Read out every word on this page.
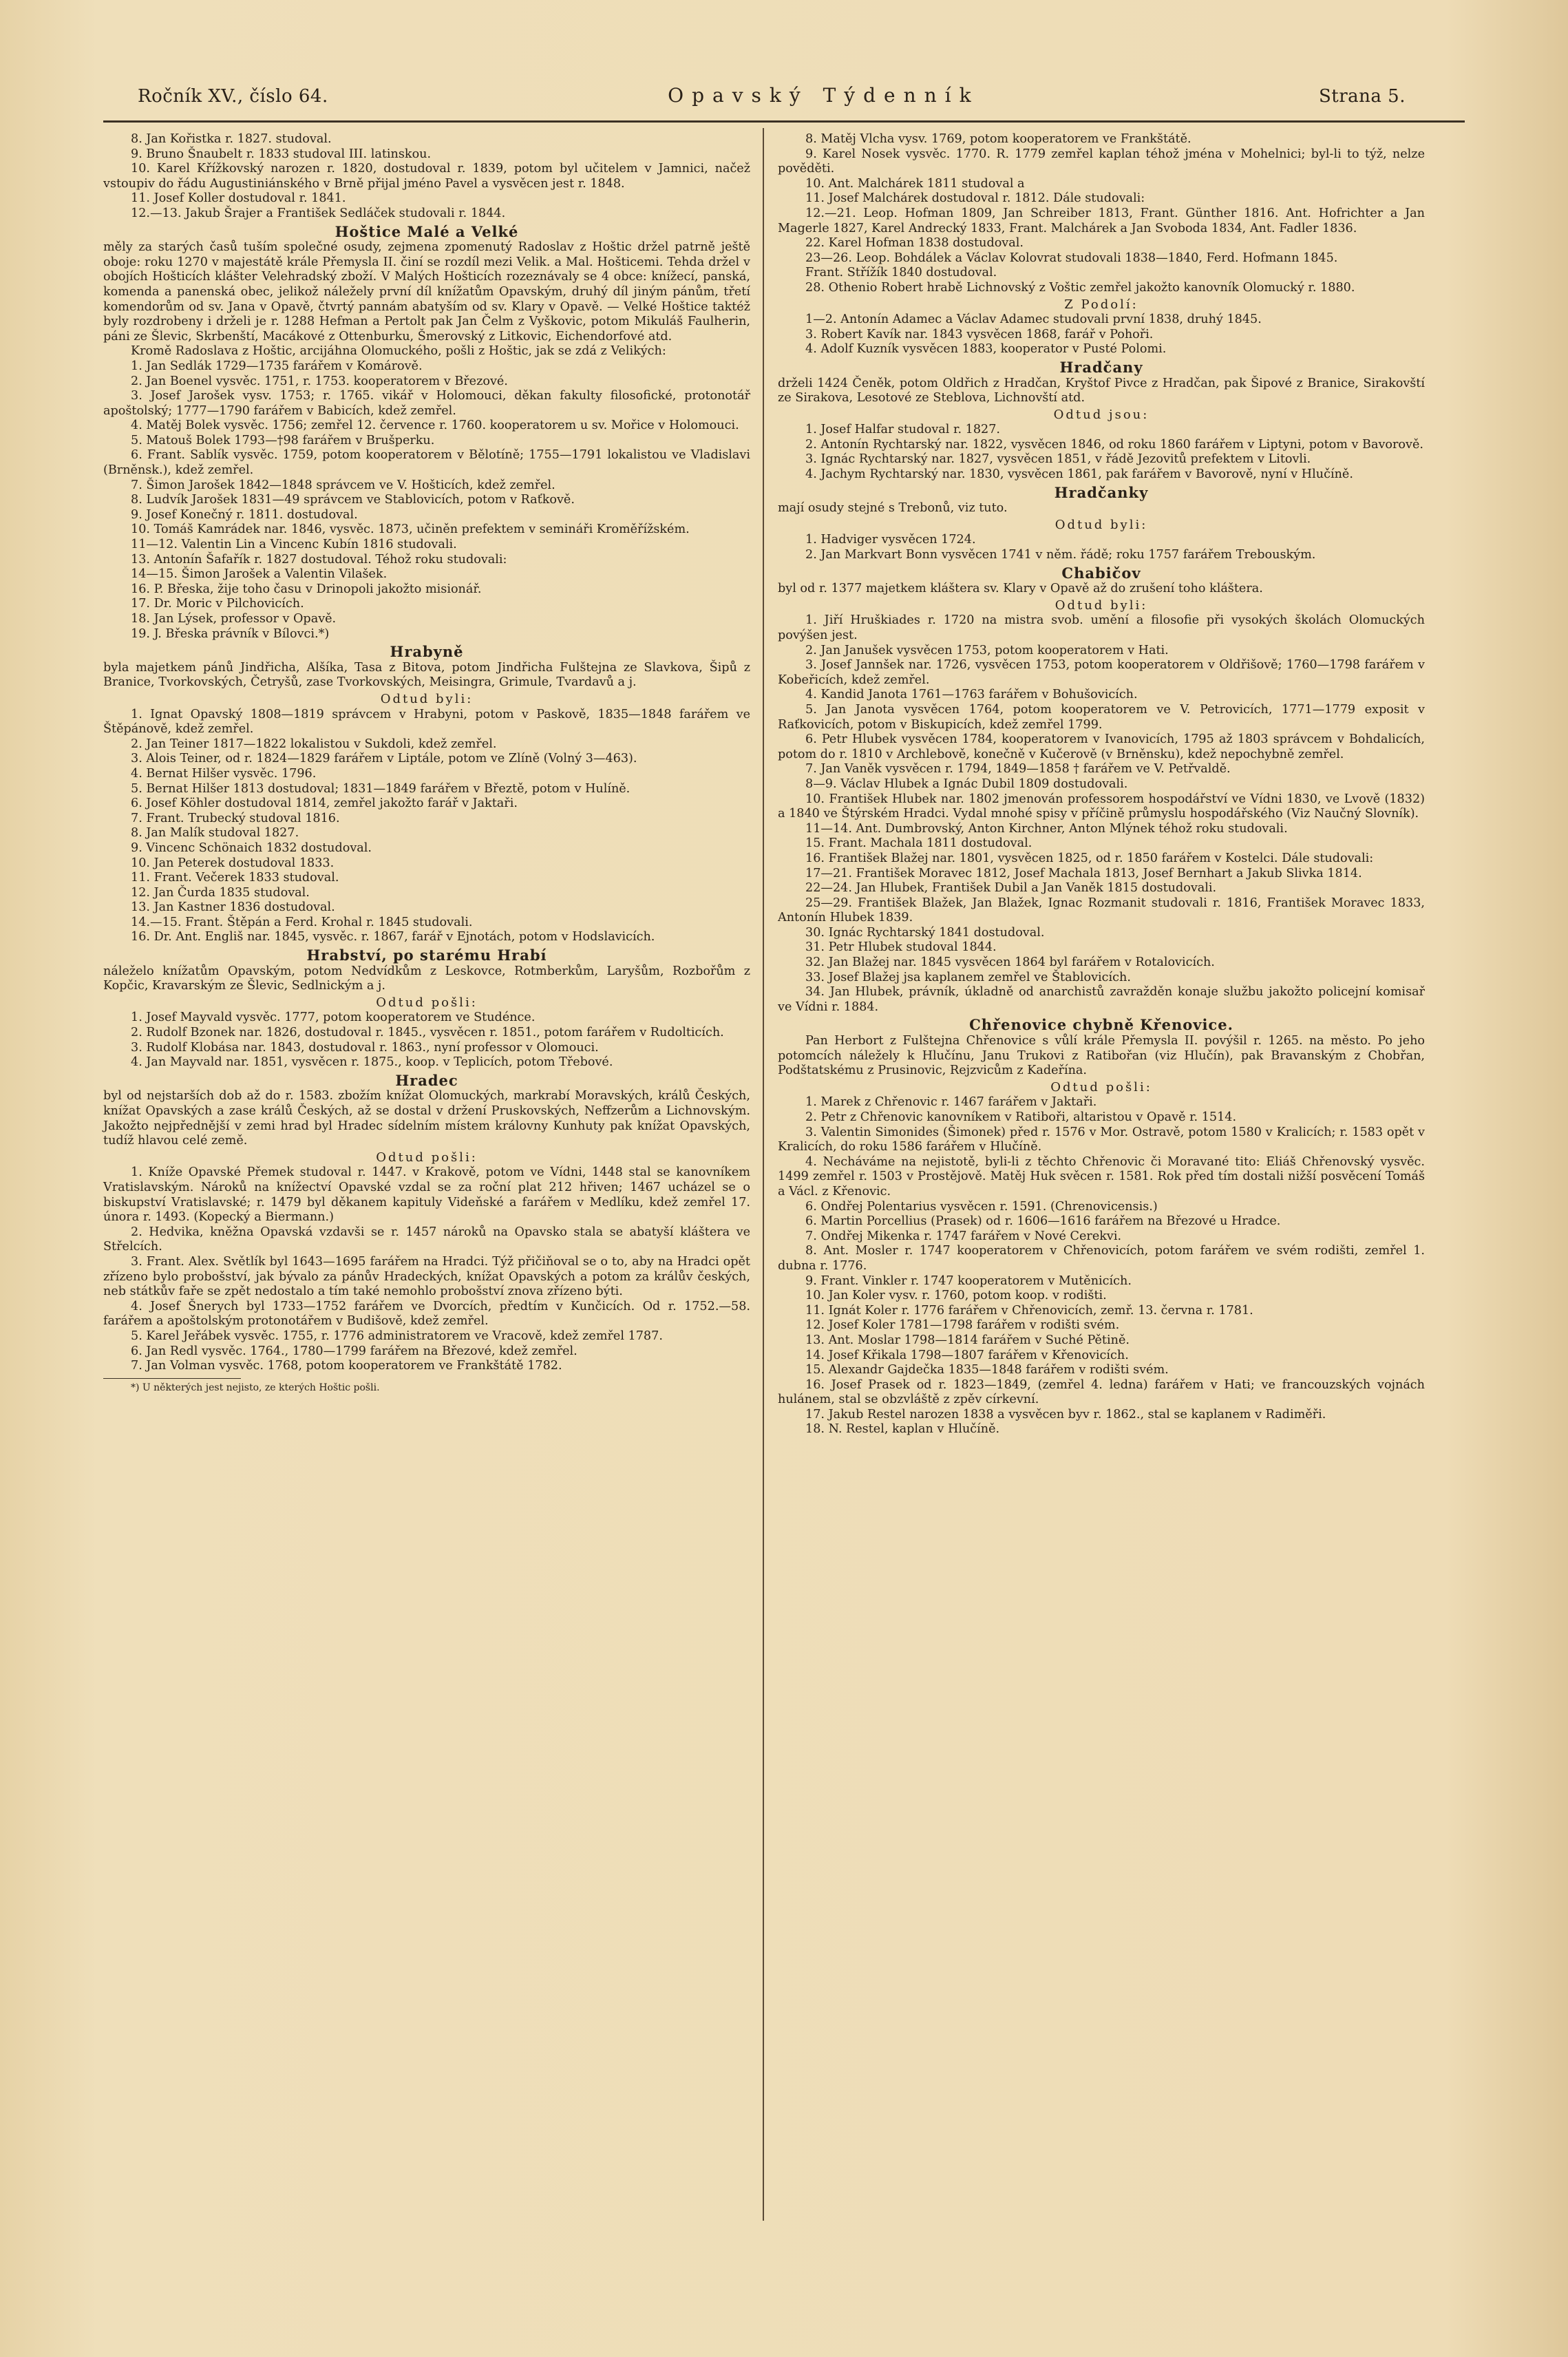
Ročník XV., číslo 64.	Opavský Týdenník	Strana 5.

8. Jan Kořistka r. 1827. studoval.

9. Bruno Šnaubelt r. 1833 studoval III. latinskou.

10. Karel Křížkovský narozen r. 1820, dostudoval r. 1839, potom byl učitelem v Jamnici, načež vstoupiv do řádu Augustiniánského v Brně přijal jméno Pavel a vysvěcen jest r. 1848.

11. Josef Koller dostudoval r. 1841.

12.—13. Jakub Šrajer a František Sedláček studovali r. 1844.

Hoštice Malé a Velké

měly za starých časů tuším společné osudy, zejmena zpomenutý Radoslav z Hoštic držel patrně ještě oboje: roku 1270 v majestátě krále Přemysla II. činí se rozdíl mezi Velik. a Mal. Hošticemi. Tehda držel v obojích Hošticích klášter Velehradský zboží. V Malých Hošticích rozeznávaly se 4 obce: knížecí, panská, komenda a panenská obec, jelikož náležely první díl knížatům Opavským, druhý díl jiným pánům, třetí komendorům od sv. Jana v Opavě, čtvrtý pannám abatyším od sv. Klary v Opavě. — Velké Hoštice taktéž byly rozdrobeny i drželi je r. 1288 Hefman a Pertolt pak Jan Čelm z Vyškovic, potom Mikuláš Faulherin, páni ze Šlevic, Skrbenští, Macákové z Ottenburku, Šmerovský z Litkovic, Eichendorfové atd.

Kromě Radoslava z Hoštic, arcijáhna Olomuckého, pošli z Hoštic, jak se zdá z Velikých:

1. Jan Sedlák 1729—1735 farářem v Komárově.

2. Jan Boenel vysvěc. 1751, r. 1753. kooperatorem v Březové.

3. Josef Jarošek vysv. 1753; r. 1765. vikář v Holomouci, děkan fakulty filosofické, protonotář apoštolský; 1777—1790 farářem v Babicích, kdež zemřel.

4. Matěj Bolek vysvěc. 1756; zemřel 12. července r. 1760. kooperatorem u sv. Mořice v Holomouci.

5. Matouš Bolek 1793—†98 farářem v Brušperku.

6. Frant. Sablík vysvěc. 1759, potom kooperatorem v Bělotíně; 1755—1791 lokalistou ve Vladislavi (Brněnsk.), kdež zemřel.

7. Šimon Jarošek 1842—1848 správcem ve V. Hošticích, kdež zemřel.

8. Ludvík Jarošek 1831—49 správcem ve Stablovicích, potom v Raťkově.

9. Josef Konečný r. 1811. dostudoval.

10. Tomáš Kamrádek nar. 1846, vysvěc. 1873, učiněn prefektem v semináři Kroměřížském.

11—12. Valentin Lin a Vincenc Kubín 1816 studovali.

13. Antonín Šafařík r. 1827 dostudoval. Téhož roku studovali:

14—15. Šimon Jarošek a Valentin Vilašek.

16. P. Břeska, žije toho času v Drinopoli jakožto misionář.

17. Dr. Moric v Pilchovicích.

18. Jan Lýsek, professor v Opavě.

19. J. Břeska právník v Bílovci.*)

Hrabyně

byla majetkem pánů Jindřicha, Alšíka, Tasa z Bitova, potom Jindřicha Fulštejna ze Slavkova, Šipů z Branice, Tvorkovských, Četryšů, zase Tvorkovských, Meisingra, Grimule, Tvardavů a j.

Odtud byli:

1. Ignat Opavský 1808—1819 správcem v Hrabyni, potom v Paskově, 1835—1848 farářem ve Štěpánově, kdež zemřel.

2. Jan Teiner 1817—1822 lokalistou v Sukdoli, kdež zemřel.

3. Alois Teiner, od r. 1824—1829 farářem v Liptále, potom ve Zlíně (Volný 3—463).

4. Bernat Hilšer vysvěc. 1796.

5. Bernat Hilšer 1813 dostudoval; 1831—1849 farářem v Březtě, potom v Hulíně.

6. Josef Köhler dostudoval 1814, zemřel jakožto farář v Jaktaři.

7. Frant. Trubecký studoval 1816.

8. Jan Malík studoval 1827.

9. Vincenc Schönaich 1832 dostudoval.

10. Jan Peterek dostudoval 1833.

11. Frant. Večerek 1833 studoval.

12. Jan Čurda 1835 studoval.

13. Jan Kastner 1836 dostudoval.

14.—15. Frant. Štěpán a Ferd. Krohal r. 1845 studovali.

16. Dr. Ant. Engliš nar. 1845, vysvěc. r. 1867, farář v Ejnotách, potom v Hodslavicích.

Hrabství, po starému Hrabí

náleželo knížatům Opavským, potom Nedvídkům z Leskovce, Rotmberkům, Laryšům, Rozbořům z Kopčic, Kravarským ze Šlevic, Sedlnickým a j.

Odtud pošli:

1. Josef Mayvald vysvěc. 1777, potom kooperatorem ve Studénce.

2. Rudolf Bzonek nar. 1826, dostudoval r. 1845., vysvěcen r. 1851., potom farářem v Rudolticích.

3. Rudolf Klobása nar. 1843, dostudoval r. 1863., nyní professor v Olomouci.

4. Jan Mayvald nar. 1851, vysvěcen r. 1875., koop. v Teplicích, potom Třebové.

Hradec

byl od nejstarších dob až do r. 1583. zbožím knížat Olomuckých, markrabí Moravských, králů Českých, knížat Opavských a zase králů Českých, až se dostal v držení Pruskovských, Neffzerům a Lichnovským. Jakožto nejpřednější v zemi hrad byl Hradec sídelním místem královny Kunhuty pak knížat Opavských, tudíž hlavou celé země.

Odtud pošli:

1. Kníže Opavské Přemek studoval r. 1447. v Krakově, potom ve Vídni, 1448 stal se kanovníkem Vratislavským. Nároků na knížectví Opavské vzdal se za roční plat 212 hřiven; 1467 ucházel se o biskupství Vratislavské; r. 1479 byl děkanem kapituly Videňské a farářem v Medlíku, kdež zemřel 17. února r. 1493. (Kopecký a Biermann.)

2. Hedvika, kněžna Opavská vzdavši se r. 1457 nároků na Opavsko stala se abatyší kláštera ve Střelcích.

3. Frant. Alex. Světlík byl 1643—1695 farářem na Hradci. Týž přičiňoval se o to, aby na Hradci opět zřízeno bylo probošství, jak bývalo za pánův Hradeckých, knížat Opavských a potom za králův českých, neb státkův faře se zpět nedostalo a tím také nemohlo probošství znova zřízeno býti.

4. Josef Šnerych byl 1733—1752 farářem ve Dvorcích, předtím v Kunčicích. Od r. 1752.—58. farářem a apoštolským protonotářem v Budišově, kdež zemřel.

5. Karel Jeřábek vysvěc. 1755, r. 1776 administratorem ve Vracově, kdež zemřel 1787.

6. Jan Redl vysvěc. 1764., 1780—1799 farářem na Březové, kdež zemřel.

7. Jan Volman vysvěc. 1768, potom kooperatorem ve Frankštátě 1782.

*) U některých jest nejisto, ze kterých Hoštic pošli.

8. Matěj Vlcha vysv. 1769, potom kooperatorem ve Frankštátě.

9. Karel Nosek vysvěc. 1770. R. 1779 zemřel kaplan téhož jména v Mohelnici; byl-li to týž, nelze pověděti.

10. Ant. Malchárek 1811 studoval a

11. Josef Malchárek dostudoval r. 1812. Dále studovali:

12.—21. Leop. Hofman 1809, Jan Schreiber 1813, Frant. Günther 1816. Ant. Hofrichter a Jan Magerle 1827, Karel Andrecký 1833, Frant. Malchárek a Jan Svoboda 1834, Ant. Fadler 1836.

22. Karel Hofman 1838 dostudoval.

23—26. Leop. Bohdálek a Václav Kolovrat studovali 1838—1840, Ferd. Hofmann 1845.

Frant. Střížík 1840 dostudoval.

28. Othenio Robert hrabě Lichnovský z Voštic zemřel jakožto kanovník Olomucký r. 1880.

Z Podolí:

1—2. Antonín Adamec a Václav Adamec studovali první 1838, druhý 1845.

3. Robert Kavík nar. 1843 vysvěcen 1868, farář v Pohoři.

4. Adolf Kuzník vysvěcen 1883, kooperator v Pusté Polomi.

Hradčany

drželi 1424 Čeněk, potom Oldřich z Hradčan, Kryštof Pivce z Hradčan, pak Šipové z Branice, Sirakovští ze Sirakova, Lesotové ze Steblova, Lichnovští atd.

Odtud jsou:

1. Josef Halfar studoval r. 1827.

2. Antonín Rychtarský nar. 1822, vysvěcen 1846, od roku 1860 farářem v Liptyni, potom v Bavorově.

3. Ignác Rychtarský nar. 1827, vysvěcen 1851, v řádě Jezovitů prefektem v Litovli.

4. Jachym Rychtarský nar. 1830, vysvěcen 1861, pak farářem v Bavorově, nyní v Hlučíně.

Hradčanky

mají osudy stejné s Trebonů, viz tuto.

Odtud byli:

1. Hadviger vysvěcen 1724.

2. Jan Markvart Bonn vysvěcen 1741 v něm. řádě; roku 1757 farářem Trebouským.

Chabičov

byl od r. 1377 majetkem kláštera sv. Klary v Opavě až do zrušení toho kláštera.

Odtud byli:

1. Jiří Hruškiades r. 1720 na mistra svob. umění a filosofie při vysokých školách Olomuckých povýšen jest.

2. Jan Janušek vysvěcen 1753, potom kooperatorem v Hati.

3. Josef Jannšek nar. 1726, vysvěcen 1753, potom kooperatorem v Oldřišově; 1760—1798 farářem v Kobeřicích, kdež zemřel.

4. Kandid Janota 1761—1763 farářem v Bohušovicích.

5. Jan Janota vysvěcen 1764, potom kooperatorem ve V. Petrovicích, 1771—1779 exposit v Raťkovicích, potom v Biskupicích, kdež zemřel 1799.

6. Petr Hlubek vysvěcen 1784, kooperatorem v Ivanovicích, 1795 až 1803 správcem v Bohdalicích, potom do r. 1810 v Archlebově, konečně v Kučerově (v Brněnsku), kdež nepochybně zemřel.

7. Jan Vaněk vysvěcen r. 1794, 1849—1858 † farářem ve V. Petřvaldě.

8—9. Václav Hlubek a Ignác Dubil 1809 dostudovali.

10. František Hlubek nar. 1802 jmenován professorem hospodářství ve Vídni 1830, ve Lvově (1832) a 1840 ve Štýrském Hradci. Vydal mnohé spisy v příčině průmyslu hospodářského (Viz Naučný Slovník).

11—14. Ant. Dumbrovský, Anton Kirchner, Anton Mlýnek téhož roku studovali.

15. Frant. Machala 1811 dostudoval.

16. František Blažej nar. 1801, vysvěcen 1825, od r. 1850 farářem v Kostelci. Dále studovali:

17—21. František Moravec 1812, Josef Machala 1813, Josef Bernhart a Jakub Slivka 1814.

22—24. Jan Hlubek, František Dubil a Jan Vaněk 1815 dostudovali.

25—29. František Blažek, Jan Blažek, Ignac Rozmanit studovali r. 1816, František Moravec 1833, Antonín Hlubek 1839.

30. Ignác Rychtarský 1841 dostudoval.

31. Petr Hlubek studoval 1844.

32. Jan Blažej nar. 1845 vysvěcen 1864 byl farářem v Rotalovicích.

33. Josef Blažej jsa kaplanem zemřel ve Štablovicích.

34. Jan Hlubek, právník, úkladně od anarchistů zavražděn konaje službu jakožto policejní komisař ve Vídni r. 1884.

Chřenovice chybně Křenovice.

Pan Herbort z Fulštejna Chřenovice s vůlí krále Přemysla II. povýšil r. 1265. na město. Po jeho potomcích náležely k Hlučínu, Janu Trukovi z Ratibořan (viz Hlučín), pak Bravanským z Chobřan, Podštatskému z Prusinovic, Rejzvicům z Kadeřína.

Odtud pošli:

1. Marek z Chřenovic r. 1467 farářem v Jaktaři.

2. Petr z Chřenovic kanovníkem v Ratiboři, altaristou v Opavě r. 1514.

3. Valentin Simonides (Šimonek) před r. 1576 v Mor. Ostravě, potom 1580 v Kralicích; r. 1583 opět v Kralicích, do roku 1586 farářem v Hlučíně.

4. Nechávámе na nejistotě, byli-li z těchto Chřenovic či Moravané tito: Eliáš Chřenovský vysvěc. 1499 zemřel r. 1503 v Prostějově. Matěj Huk svěcen r. 1581. Rok před tím dostali nižší posvěcení Tomáš a Václ. z Křenovic.

6. Ondřej Polentarius vysvěcen r. 1591. (Chrenovicensis.)

6. Martin Porcellius (Prasek) od r. 1606—1616 farářem na Březové u Hradce.

7. Ondřej Mikenka r. 1747 farářem v Nové Cerekvi.

8. Ant. Mosler r. 1747 kooperatorem v Chřenovicích, potom farářem ve svém rodišti, zemřel 1. dubna r. 1776.

9. Frant. Vinkler r. 1747 kooperatorem v Mutěnicích.

10. Jan Koler vysv. r. 1760, potom koop. v rodišti.

11. Ignát Koler r. 1776 farářem v Chřenovicích, zemř. 13. června r. 1781.

12. Josef Koler 1781—1798 farářem v rodišti svém.

13. Ant. Moslar 1798—1814 farářem v Suché Pětině.

14. Josef Křikala 1798—1807 farářem v Křenovicích.

15. Alexandr Gajdečka 1835—1848 farářem v rodišti svém.

16. Josef Prasek od r. 1823—1849, (zemřel 4. ledna) farářem v Hati; ve francouzských vojnách hulánem, stal se obzvláště z zpěv církevní.

17. Jakub Restel narozen 1838 a vysvěcen byv r. 1862., stal se kaplanem v Radiměři.

18. N. Restel, kaplan v Hlučíně.
